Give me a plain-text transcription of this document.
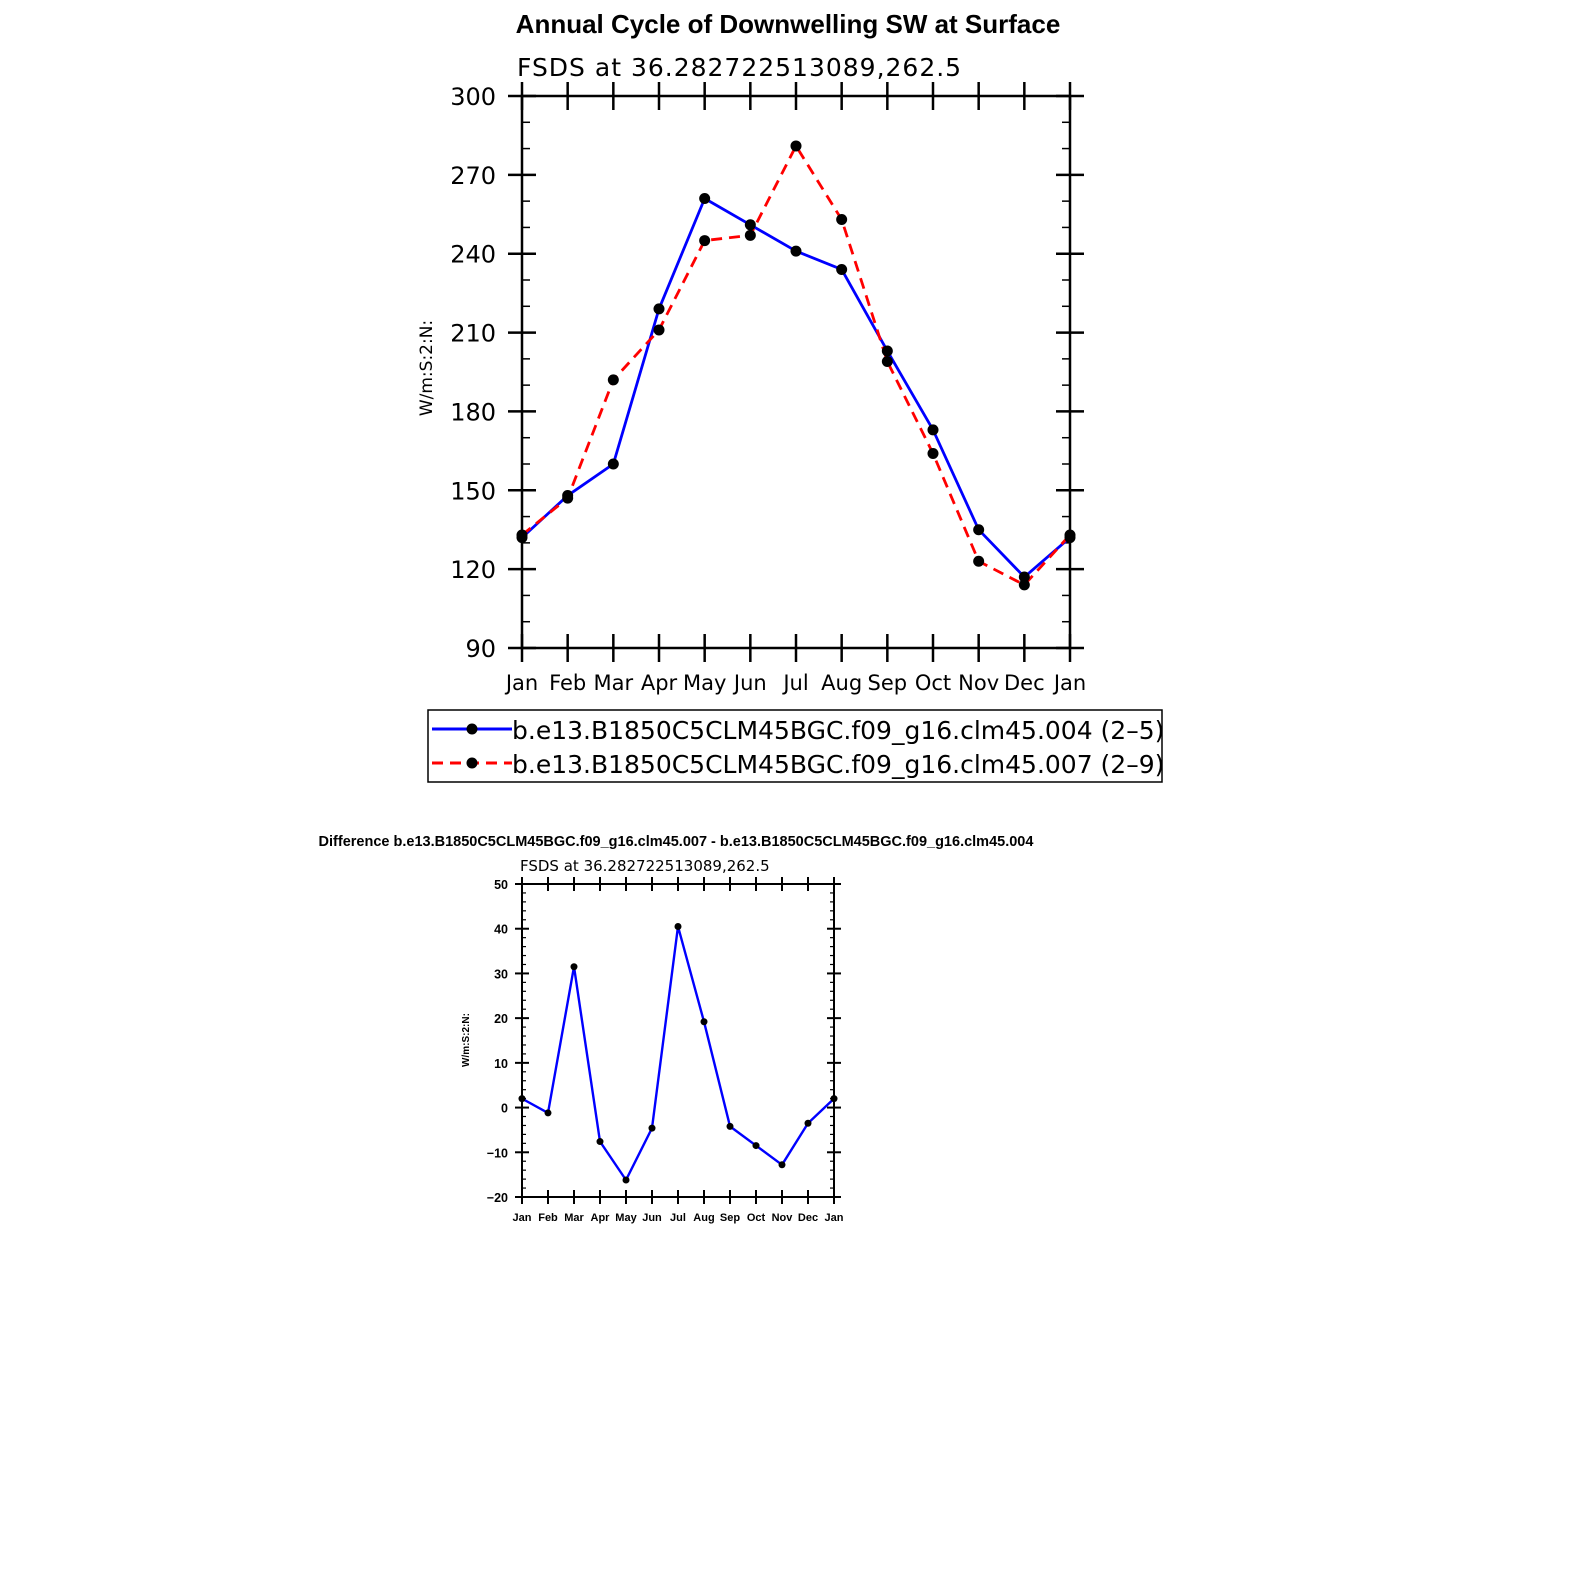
Annual Cycle of Downwelling SW at Surface
FSDS at 36.282722513089,262.5
W/m:S:2:N:
90
120
150
180
210
240
270
300
Jan Feb Mar Apr May Jun Jul Aug Sep Oct Nov Dec Jan
b.e13.B1850C5CLM45BGC.f09_g16.clm45.004 (2–5)
b.e13.B1850C5CLM45BGC.f09_g16.clm45.007 (2–9)
Difference b.e13.B1850C5CLM45BGC.f09_g16.clm45.007 - b.e13.B1850C5CLM45BGC.f09_g16.clm45.004
FSDS at 36.282722513089,262.5
W/m:S:2:N:
−20
−10
0
10
20
30
40
50
Jan Feb Mar Apr May Jun Jul Aug Sep Oct Nov Dec Jan
